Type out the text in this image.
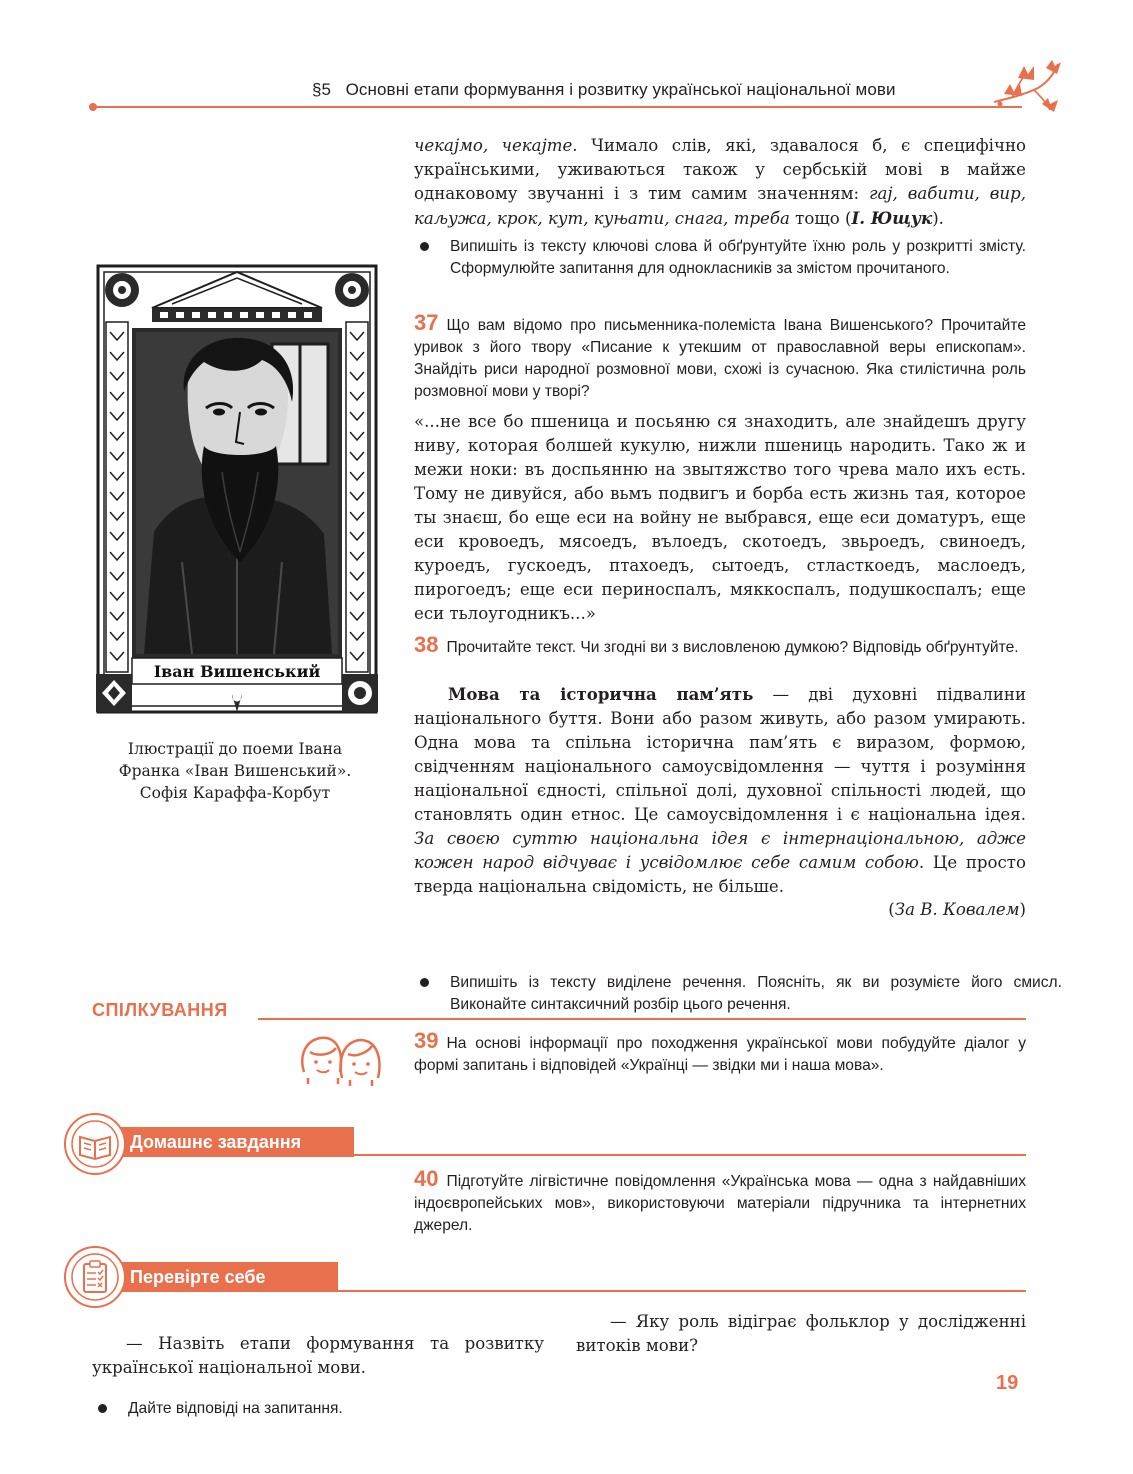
§5 Основні етапи формування і розвитку української національної мови
Іван Вишенський
Ілюстрації до поеми Івана
Франка «Іван Вишенський».
Софія Караффа-Корбут
чекајмо, чекајте. Чимало слів, які, здавалося б, є специфічно українськими, уживаються також у сербській мові в майже однаковому звучанні і з тим самим значенням: гај, вабити, вир, каљужа, крок, кут, куњати, снага, треба тощо (І. Ющук).
Випишіть із тексту ключові слова й обґрунтуйте їхню роль у розкритті змісту. Сформулюйте запитання для однокласників за змістом прочитаного.
37 Що вам відомо про письменника-полеміста Івана Вишенського? Прочитайте уривок з його твору «Писание к утекшим от православной веры епископам». Знайдіть риси народної розмовної мови, схожі із сучасною. Яка стилістична роль розмовної мови у творі?
«...не все бо пшеница и посьяню ся знаходить, але знайдешъ другу ниву, которая болшей кукулю, нижли пшениць народить. Тако ж и межи ноки: въ доспьянню на звытяжство того чрева мало ихъ есть. Тому не дивуйся, або вьмъ подвигъ и борба есть жизнь тая, которое ты знаєш, бо еще еси на войну не выбрався, еще еси доматуръ, еще еси кровоедъ, мясоедъ, вълоедъ, скотоедъ, звьроедъ, свиноедъ, куроедъ, гускоедъ, птахоедъ, сытоедъ, стласткоедъ, маслоедъ, пирогоедъ; еще еси периноспалъ, мяккоспалъ, подушкоспалъ; еще еси тьлоугодникъ...»
38 Прочитайте текст. Чи згодні ви з висловленою думкою? Відповідь обґрунтуйте.
Мова та історична пам’ять — дві духовні підвалини національного буття. Вони або разом живуть, або разом умирають. Одна мова та спільна історична пам’ять є виразом, формою, свідченням національного самоусвідомлення — чуття і розуміння національної єдності, спільної долі, духовної спільності людей, що становлять один етнос. Це самоусвідомлення і є національна ідея. За своєю суттю національна ідея є інтернаціональною, адже кожен народ відчуває і усвідомлює себе самим собою. Це просто тверда національна свідомість, не більше.
(За В. Ковалем)
Випишіть із тексту виділене речення. Поясніть, як ви розумієте його смисл. Виконайте синтаксичний розбір цього речення.
СПІЛКУВАННЯ
39 На основі інформації про походження української мови побудуйте діалог у формі запитань і відповідей «Українці — звідки ми і наша мова».
Домашнє завдання
40 Підготуйте лігвістичне повідомлення «Українська мова — одна з найдавніших індоєвропейських мов», використовуючи матеріали підручника та інтернетних джерел.
Перевірте себе
Дайте відповіді на запитання.
— Назвіть етапи формування та розвитку української національної мови.
— Яку роль відіграє фольклор у дослідженні витоків мови?
19
